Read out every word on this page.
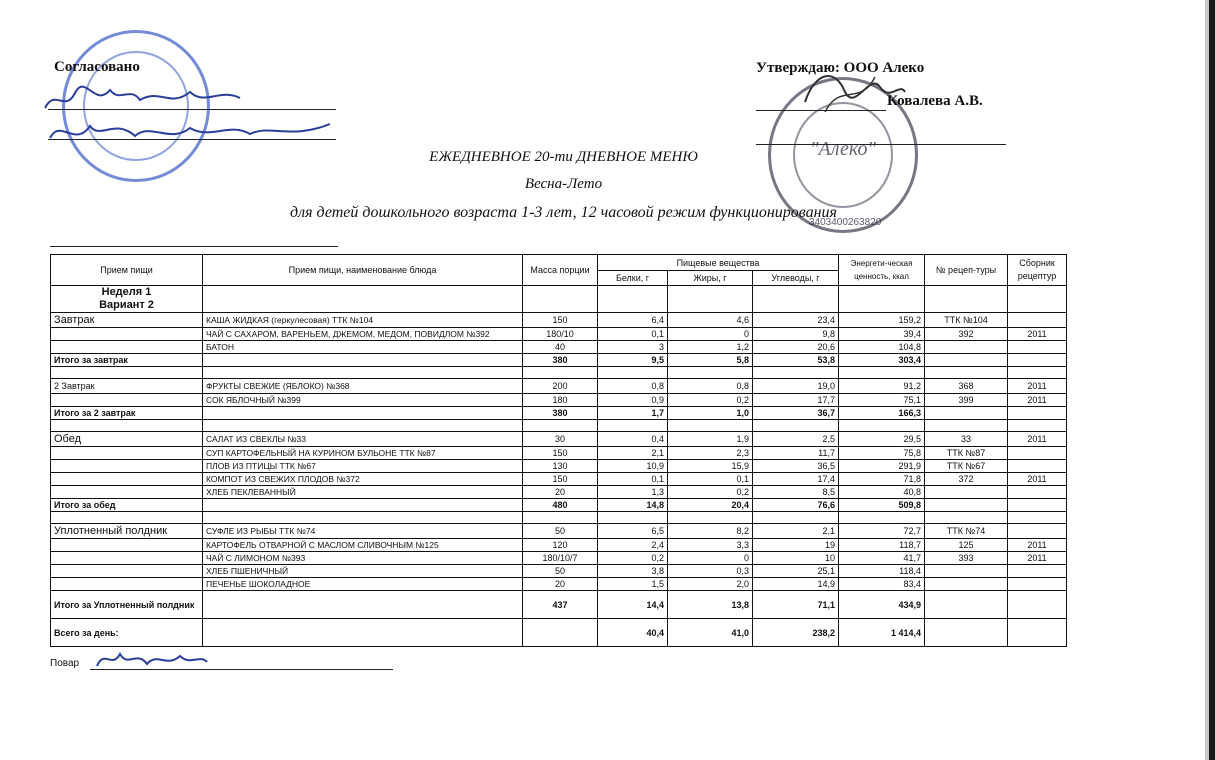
"Алеко"
3403400263820
Согласовано	Утверждаю: ООО Алеко
Ковалева А.В.
ЕЖЕДНЕВНОЕ 20-ти ДНЕВНОЕ МЕНЮ
Весна-Лето
для детей дошкольного возраста 1-3 лет, 12 часовой режим функционирования
Прием пищи	Прием пищи, наименование блюда	Масса порции	Пищевые вещества			Энергети-ческая ценность, ккал	№ рецеп-туры	Сборник рецептур
			Белки, г	Жиры, г	Углеводы, г			

Неделя 1
Вариант 2								

Завтрак	КАША ЖИДКАЯ (геркулесовая) ТТК №104	150	6,4	4,6	23,4	159,2	ТТК №104	
	ЧАЙ С САХАРОМ, ВАРЕНЬЕМ, ДЖЕМОМ, МЕДОМ, ПОВИДЛОМ №392	180/10	0,1	0	9,8	39,4	392	2011
	БАТОН	40	3	1,2	20,6	104,8		
Итого за завтрак		380	9,5	5,8	53,8	303,4		

2 Завтрак	ФРУКТЫ СВЕЖИЕ (ЯБЛОКО) №368	200	0,8	0,8	19,0	91,2	368	2011
	СОК ЯБЛОЧНЫЙ №399	180	0,9	0,2	17,7	75,1	399	2011
Итого за 2 завтрак		380	1,7	1,0	36,7	166,3		

Обед	САЛАТ ИЗ СВЕКЛЫ №33	30	0,4	1,9	2,5	29,5	33	2011
	СУП КАРТОФЕЛЬНЫЙ НА КУРИНОМ БУЛЬОНЕ ТТК №87	150	2,1	2,3	11,7	75,8	ТТК №87	
	ПЛОВ ИЗ ПТИЦЫ ТТК №67	130	10,9	15,9	36,5	291,9	ТТК №67	
	КОМПОТ ИЗ СВЕЖИХ ПЛОДОВ №372	150	0,1	0,1	17,4	71,8	372	2011
	ХЛЕБ ПЕКЛЕВАННЫЙ	20	1,3	0,2	8,5	40,8		
Итого за обед		480	14,8	20,4	76,6	509,8		

Уплотненный полдник	СУФЛЕ ИЗ РЫБЫ ТТК №74	50	6,5	8,2	2,1	72,7	ТТК №74	
	КАРТОФЕЛЬ ОТВАРНОЙ С МАСЛОМ СЛИВОЧНЫМ №125	120	2,4	3,3	19	118,7	125	2011
	ЧАЙ С ЛИМОНОМ №393	180/10/7	0,2	0	10	41,7	393	2011
	ХЛЕБ ПШЕНИЧНЫЙ	50	3,8	0,3	25,1	118,4		
	ПЕЧЕНЬЕ ШОКОЛАДНОЕ	20	1,5	2,0	14,9	83,4		
Итого за Уплотненный полдник		437	14,4	13,8	71,1	434,9		
Всего за день:			40,4	41,0	238,2	1 414,4		
Повар
